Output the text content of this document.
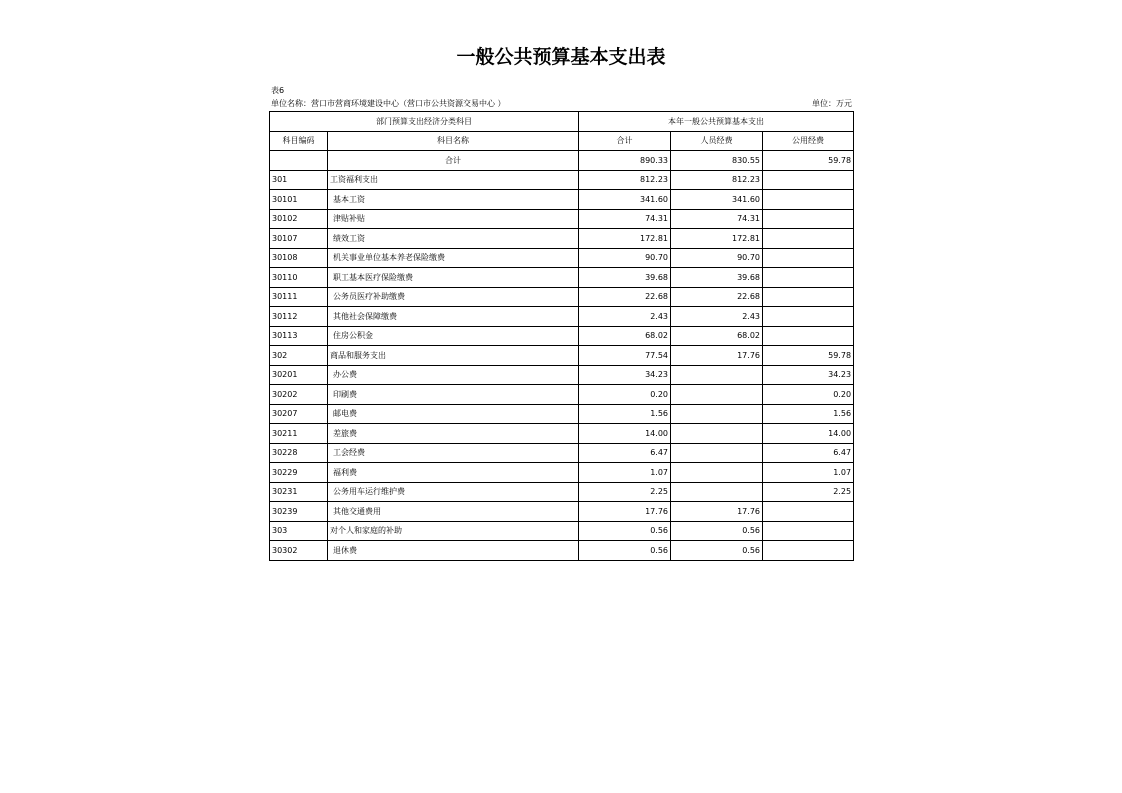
一般公共预算基本支出表
表6
单位名称：营口市营商环境建设中心（营口市公共资源交易中心 ）	单位：万元
部门预算支出经济分类科目		本年一般公共预算基本支出		
科目编码	科目名称	合计	人员经费	公用经费
	合计	890.33	830.55	59.78
301	工资福利支出	812.23	812.23	
30101	基本工资	341.60	341.60	
30102	津贴补贴	74.31	74.31	
30107	绩效工资	172.81	172.81	
30108	机关事业单位基本养老保险缴费	90.70	90.70	
30110	职工基本医疗保险缴费	39.68	39.68	
30111	公务员医疗补助缴费	22.68	22.68	
30112	其他社会保障缴费	2.43	2.43	
30113	住房公积金	68.02	68.02	
302	商品和服务支出	77.54	17.76	59.78
30201	办公费	34.23		34.23
30202	印刷费	0.20		0.20
30207	邮电费	1.56		1.56
30211	差旅费	14.00		14.00
30228	工会经费	6.47		6.47
30229	福利费	1.07		1.07
30231	公务用车运行维护费	2.25		2.25
30239	其他交通费用	17.76	17.76	
303	对个人和家庭的补助	0.56	0.56	
30302	退休费	0.56	0.56	
